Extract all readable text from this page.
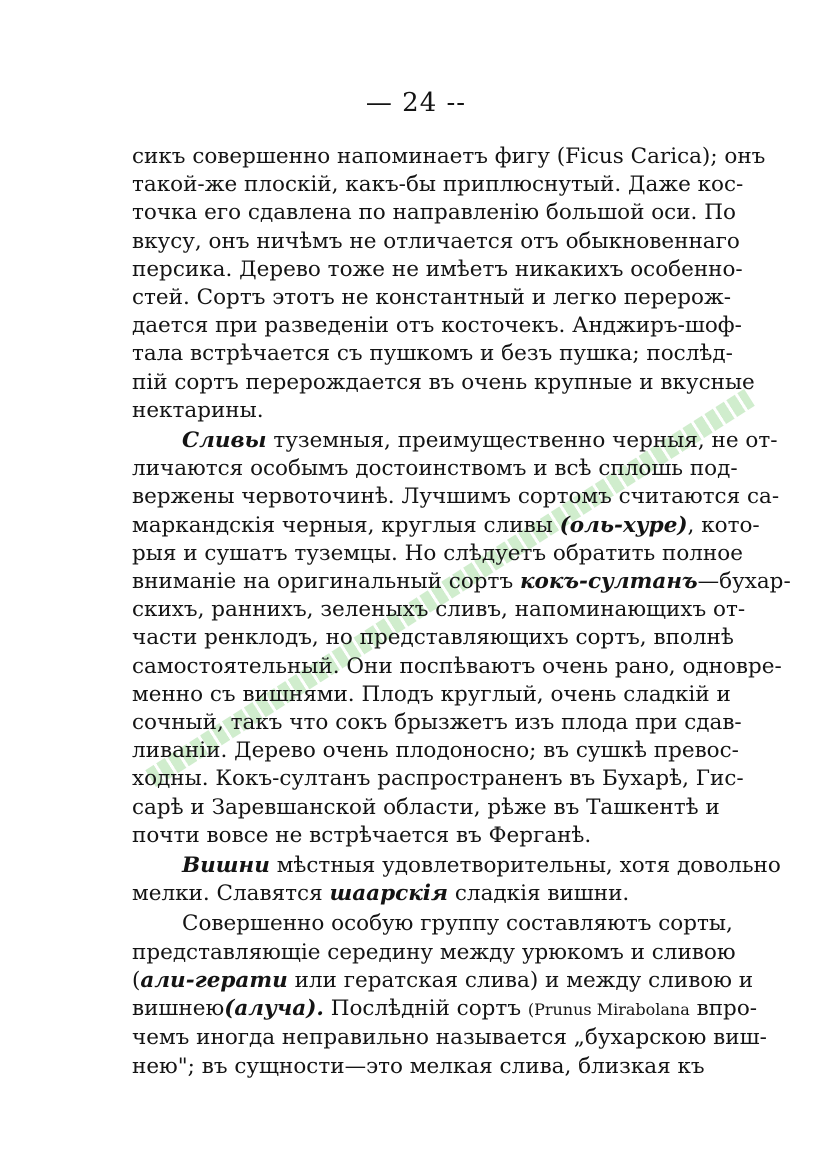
— 24 --
сикъ совершенно напоминаетъ фигу (Ficus Carica); онъ
такой-же плоскій, какъ-бы приплюснутый. Даже кос-
точка его сдавлена по направленію большой оси. По
вкусу, онъ ничѣмъ не отличается отъ обыкновеннаго
персика. Дерево тоже не имѣетъ никакихъ особенно-
стей. Сортъ этотъ не константный и легко перерож-
дается при разведеніи отъ косточекъ. Анджиръ-шоф-
тала встрѣчается съ пушкомъ и безъ пушка; послѣд-
пій сортъ перерождается въ очень крупные и вкусные
нектарины.
Сливы туземныя, преимущественно черныя, не от-
личаются особымъ достоинствомъ и всѣ сплошь под-
вержены червоточинѣ. Лучшимъ сортомъ считаются са-
маркандскія черныя, круглыя сливы (оль-хуре), кото-
рыя и сушатъ туземцы. Но слѣдуетъ обратить полное
вниманіе на оригинальный сортъ кокъ-султанъ—бухар-
скихъ, раннихъ, зеленыхъ сливъ, напоминающихъ от-
части ренклодъ, но представляющихъ сортъ, вполнѣ
самостоятельный. Они поспѣваютъ очень рано, одновре-
менно съ вишнями. Плодъ круглый, очень сладкій и
сочный, такъ что сокъ брызжетъ изъ плода при сдав-
ливаніи. Дерево очень плодоносно; въ сушкѣ превос-
ходны. Кокъ-султанъ распространенъ въ Бухарѣ, Гис-
сарѣ и Заревшанской области, рѣже въ Ташкентѣ и
почти вовсе не встрѣчается въ Ферганѣ.
Вишни мѣстныя удовлетворительны, хотя довольно
мелки. Славятся шаарскія сладкія вишни.
Совершенно особую группу составляютъ сорты,
представляющіе середину между урюкомъ и сливою
(али-герати или гератская слива) и между сливою и
вишнею(алуча). Послѣдній сортъ (Prunus Mirabolana впро-
чемъ иногда неправильно называется „бухарскою виш-
нею"; въ сущности—это мелкая слива, близкая къ
